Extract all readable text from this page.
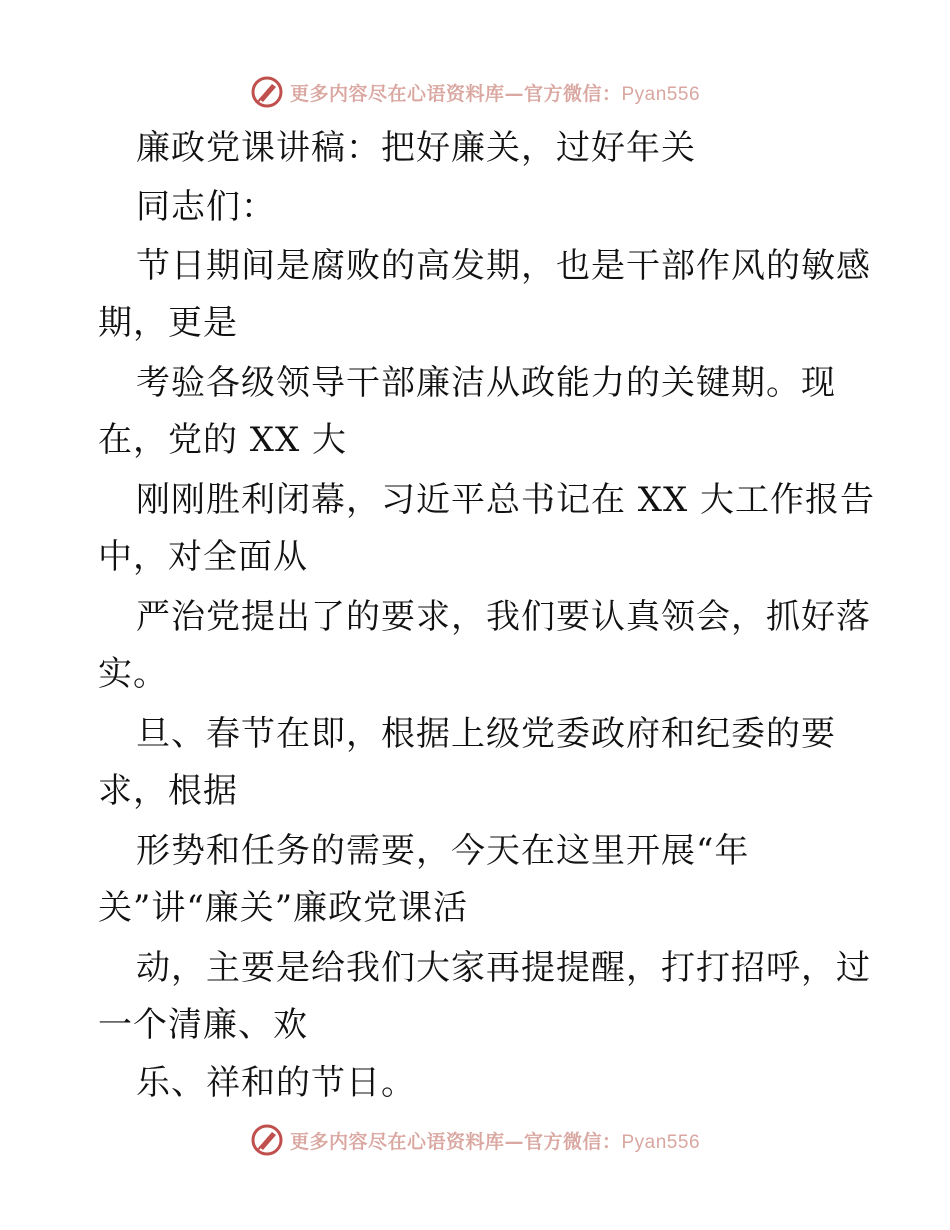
更多内容尽在心语资料库—官方微信：Pyan556
廉政党课讲稿：把好廉关，过好年关
同志们：
节日期间是腐败的高发期，也是干部作风的敏感
期，更是
考验各级领导干部廉洁从政能力的关键期。现
在，党的 XX 大
刚刚胜利闭幕，习近平总书记在 XX 大工作报告
中，对全面从
严治党提出了的要求，我们要认真领会，抓好落
实。
旦、春节在即，根据上级党委政府和纪委的要
求，根据
形势和任务的需要，今天在这里开展“年
关”讲“廉关”廉政党课活
动，主要是给我们大家再提提醒，打打招呼，过
一个清廉、欢
乐、祥和的节日。
更多内容尽在心语资料库—官方微信：Pyan556
